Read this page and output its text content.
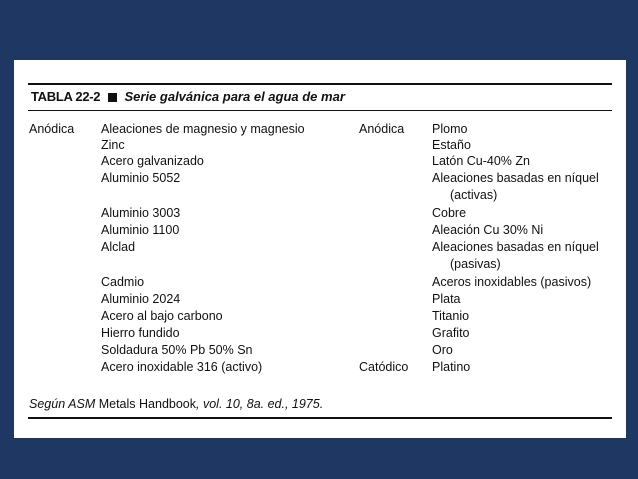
TABLA 22-2 Serie galvánica para el agua de mar
Anódica Aleaciones de magnesio y magnesio
Zinc
Acero galvanizado
Aluminio 5052
Aluminio 3003
Aluminio 1100
Alclad
Cadmio
Aluminio 2024
Acero al bajo carbono
Hierro fundido
Soldadura 50% Pb 50% Sn
Acero inoxidable 316 (activo)
Anódica
Catódico
Plomo
Estaño
Latón Cu-40% Zn
Aleaciones basadas en níquel
(activas)
Cobre
Aleación Cu 30% Ni
Aleaciones basadas en níquel
(pasivas)
Aceros inoxidables (pasivos)
Plata
Titanio
Grafito
Oro
Platino
Según ASM Metals Handbook, vol. 10, 8a. ed., 1975.
